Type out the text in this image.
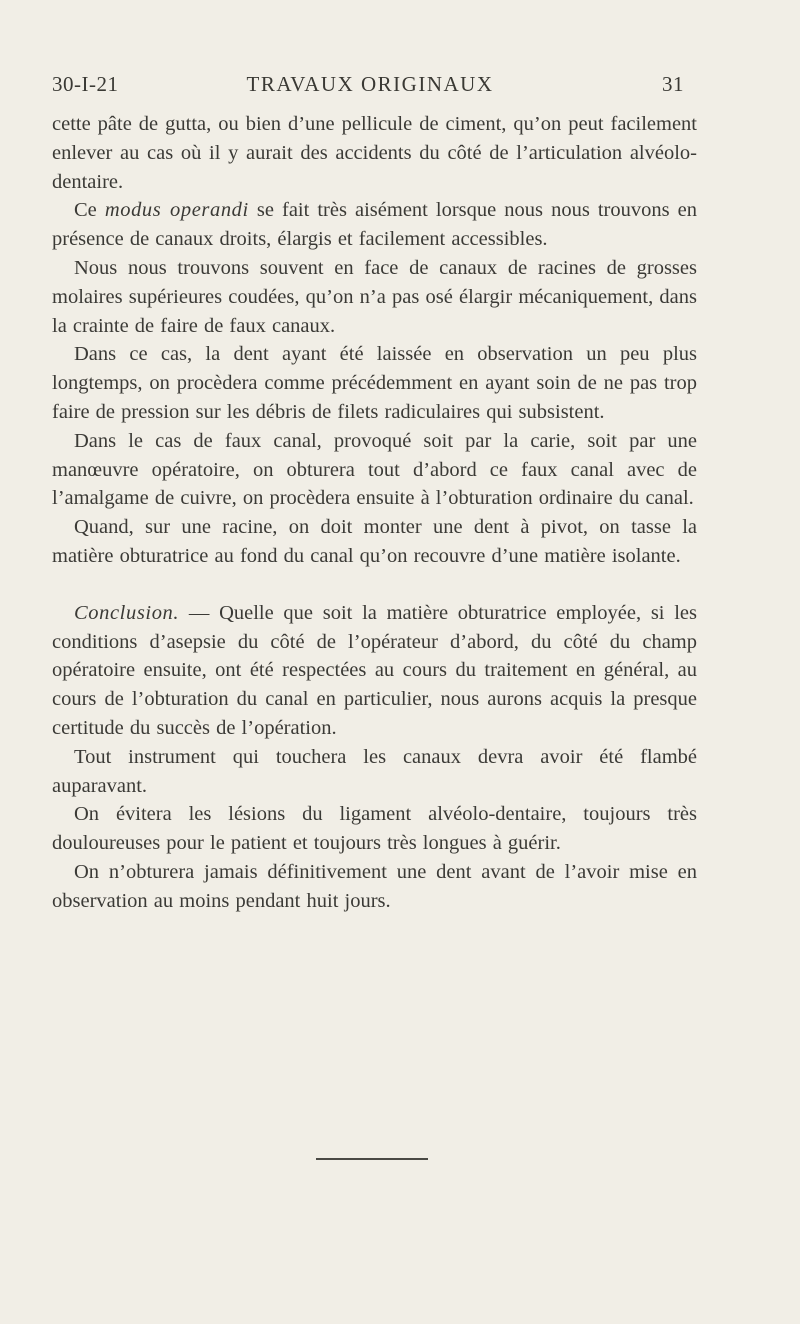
30-I-21	TRAVAUX ORIGINAUX	31

cette pâte de gutta, ou bien d’une pellicule de ciment, qu’on peut facilement enlever au cas où il y aurait des accidents du côté de l’articulation alvéolo-dentaire.

Ce modus operandi se fait très aisément lorsque nous nous trouvons en présence de canaux droits, élargis et facilement accessibles.

Nous nous trouvons souvent en face de canaux de racines de grosses molaires supérieures coudées, qu’on n’a pas osé élargir mécaniquement, dans la crainte de faire de faux canaux.

Dans ce cas, la dent ayant été laissée en observation un peu plus longtemps, on procèdera comme précédemment en ayant soin de ne pas trop faire de pression sur les débris de filets radiculaires qui subsistent.

Dans le cas de faux canal, provoqué soit par la carie, soit par une manœuvre opératoire, on obturera tout d’abord ce faux canal avec de l’amalgame de cuivre, on procèdera ensuite à l’obturation ordinaire du canal.

Quand, sur une racine, on doit monter une dent à pivot, on tasse la matière obturatrice au fond du canal qu’on recouvre d’une matière isolante.

Conclusion. — Quelle que soit la matière obturatrice employée, si les conditions d’asepsie du côté de l’opérateur d’abord, du côté du champ opératoire ensuite, ont été respectées au cours du traitement en général, au cours de l’obturation du canal en particulier, nous aurons acquis la presque certitude du succès de l’opération.

Tout instrument qui touchera les canaux devra avoir été flambé auparavant.

On évitera les lésions du ligament alvéolo-dentaire, toujours très douloureuses pour le patient et toujours très longues à guérir.

On n’obturera jamais définitivement une dent avant de l’avoir mise en observation au moins pendant huit jours.
